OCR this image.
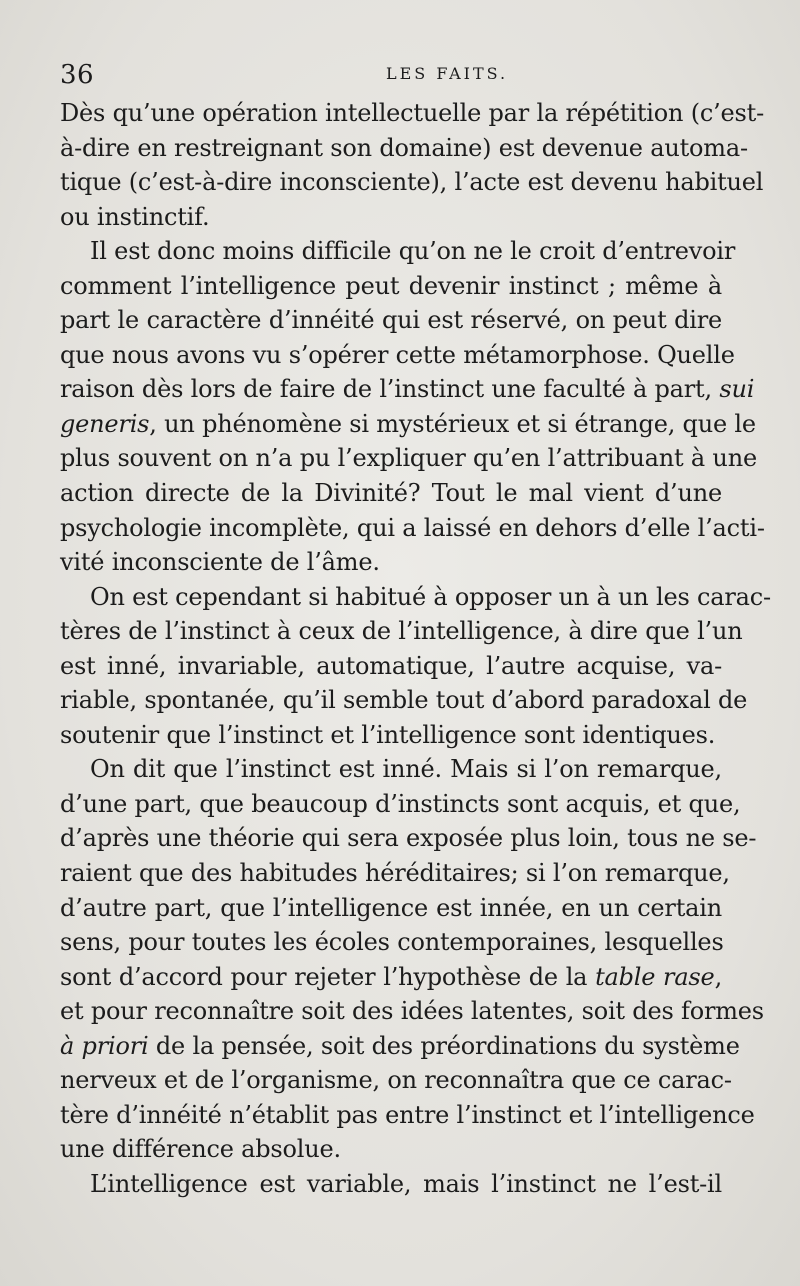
36	LES FAITS.
Dès qu’une opération intellectuelle par la répétition (c’est-
à-dire en restreignant son domaine) est devenue automa-
tique (c’est-à-dire inconsciente), l’acte est devenu habituel
ou instinctif.
Il est donc moins difficile qu’on ne le croit d’entrevoir
comment l’intelligence peut devenir instinct ; même à
part le caractère d’innéité qui est réservé, on peut dire
que nous avons vu s’opérer cette métamorphose. Quelle
raison dès lors de faire de l’instinct une faculté à part, sui
generis, un phénomène si mystérieux et si étrange, que le
plus souvent on n’a pu l’expliquer qu’en l’attribuant à une
action directe de la Divinité? Tout le mal vient d’une
psychologie incomplète, qui a laissé en dehors d’elle l’acti-
vité inconsciente de l’âme.
On est cependant si habitué à opposer un à un les carac-
tères de l’instinct à ceux de l’intelligence, à dire que l’un
est inné, invariable, automatique, l’autre acquise, va-
riable, spontanée, qu’il semble tout d’abord paradoxal de
soutenir que l’instinct et l’intelligence sont identiques.
On dit que l’instinct est inné. Mais si l’on remarque,
d’une part, que beaucoup d’instincts sont acquis, et que,
d’après une théorie qui sera exposée plus loin, tous ne se-
raient que des habitudes héréditaires; si l’on remarque,
d’autre part, que l’intelligence est innée, en un certain
sens, pour toutes les écoles contemporaines, lesquelles
sont d’accord pour rejeter l’hypothèse de la table rase,
et pour reconnaître soit des idées latentes, soit des formes
à priori de la pensée, soit des préordinations du système
nerveux et de l’organisme, on reconnaîtra que ce carac-
tère d’innéité n’établit pas entre l’instinct et l’intelligence
une différence absolue.
L’intelligence est variable, mais l’instinct ne l’est-il
